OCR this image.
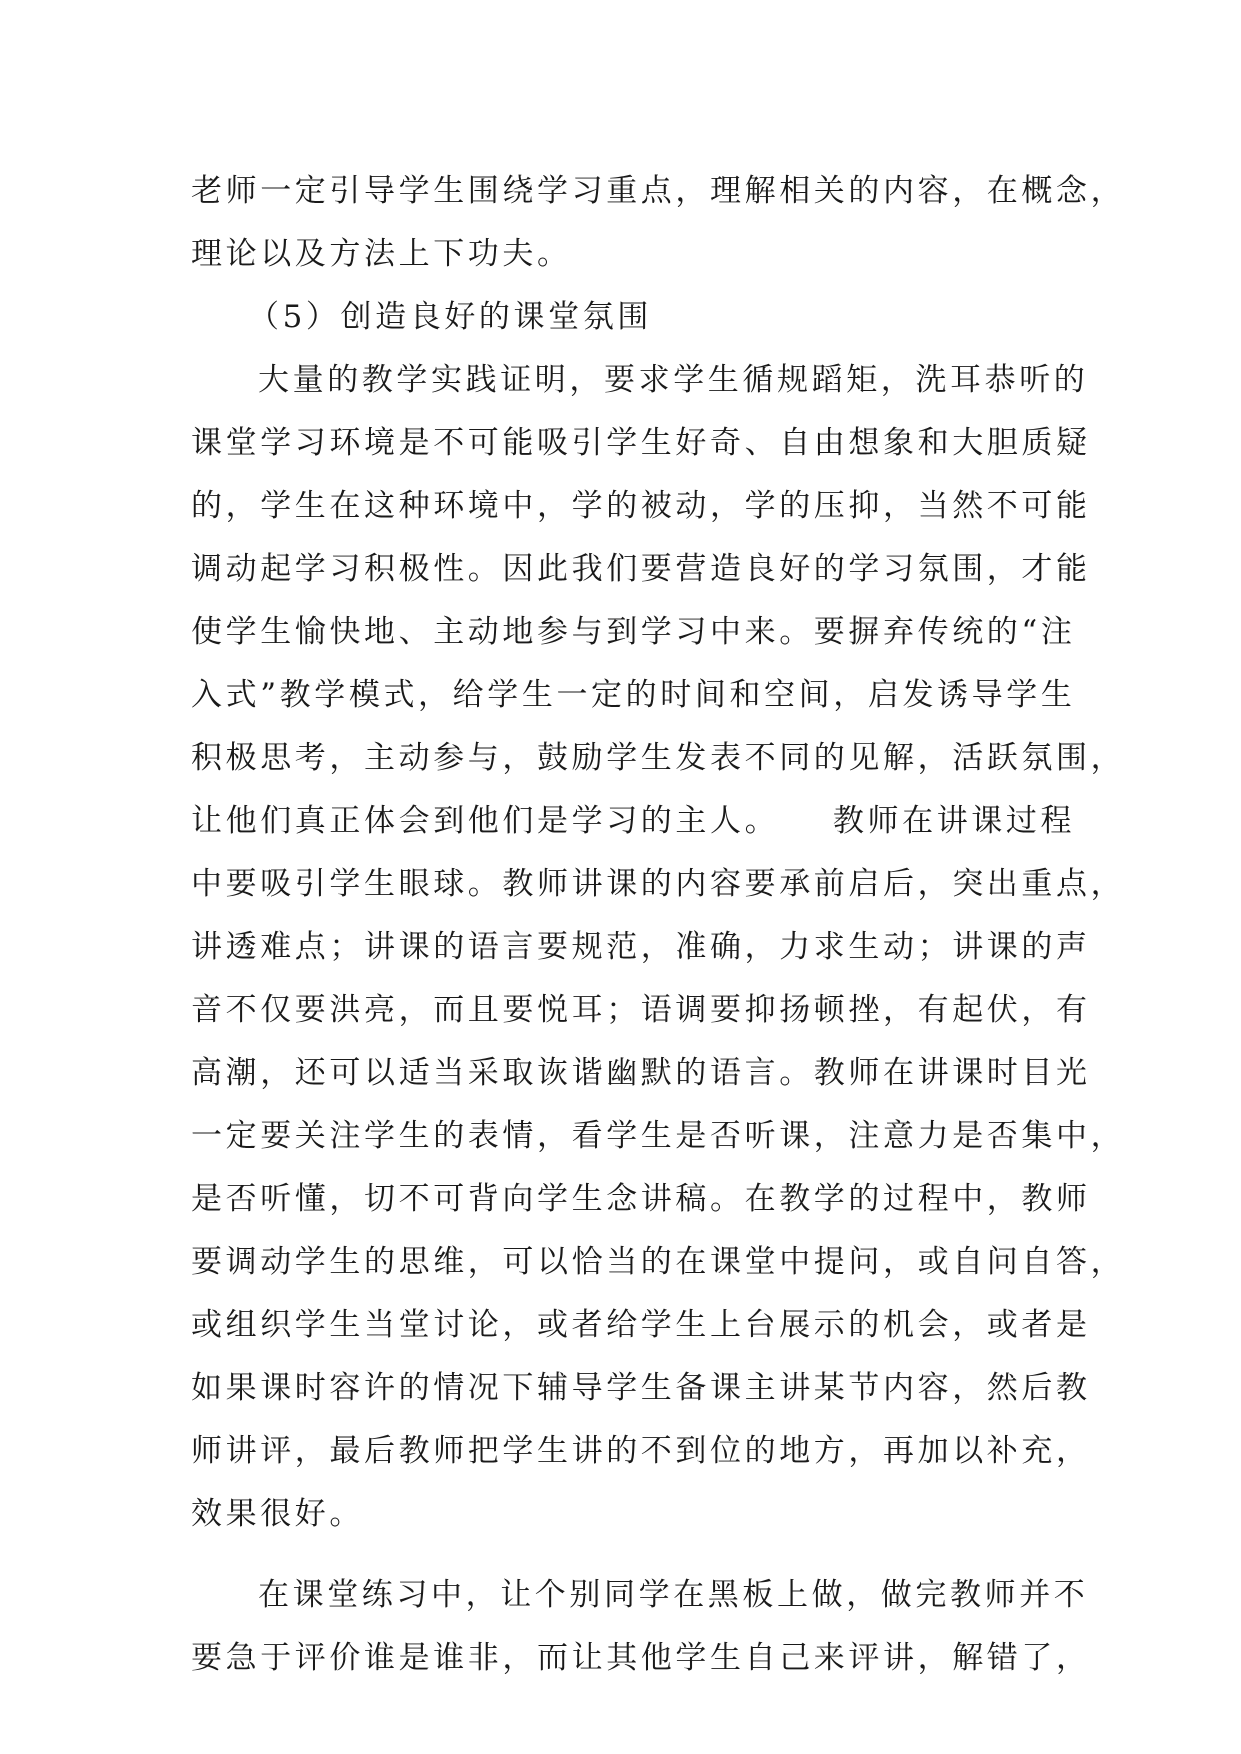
老师一定引导学生围绕学习重点，理解相关的内容，在概念，
理论以及方法上下功夫。
（5）创造良好的课堂氛围
大量的教学实践证明，要求学生循规蹈矩，洗耳恭听的
课堂学习环境是不可能吸引学生好奇、自由想象和大胆质疑
的，学生在这种环境中，学的被动，学的压抑，当然不可能
调动起学习积极性。因此我们要营造良好的学习氛围，才能
使学生愉快地、主动地参与到学习中来。要摒弃传统的“注
入式”教学模式，给学生一定的时间和空间，启发诱导学生
积极思考，主动参与，鼓励学生发表不同的见解，活跃氛围，
让他们真正体会到他们是学习的主人。　　教师在讲课过程
中要吸引学生眼球。教师讲课的内容要承前启后，突出重点，
讲透难点；讲课的语言要规范，准确，力求生动；讲课的声
音不仅要洪亮，而且要悦耳；语调要抑扬顿挫，有起伏，有
高潮，还可以适当采取诙谐幽默的语言。教师在讲课时目光
一定要关注学生的表情，看学生是否听课，注意力是否集中，
是否听懂，切不可背向学生念讲稿。在教学的过程中，教师
要调动学生的思维，可以恰当的在课堂中提问，或自问自答，
或组织学生当堂讨论，或者给学生上台展示的机会，或者是
如果课时容许的情况下辅导学生备课主讲某节内容，然后教
师讲评，最后教师把学生讲的不到位的地方，再加以补充，
效果很好。
在课堂练习中，让个别同学在黑板上做，做完教师并不
要急于评价谁是谁非，而让其他学生自己来评讲，解错了，
